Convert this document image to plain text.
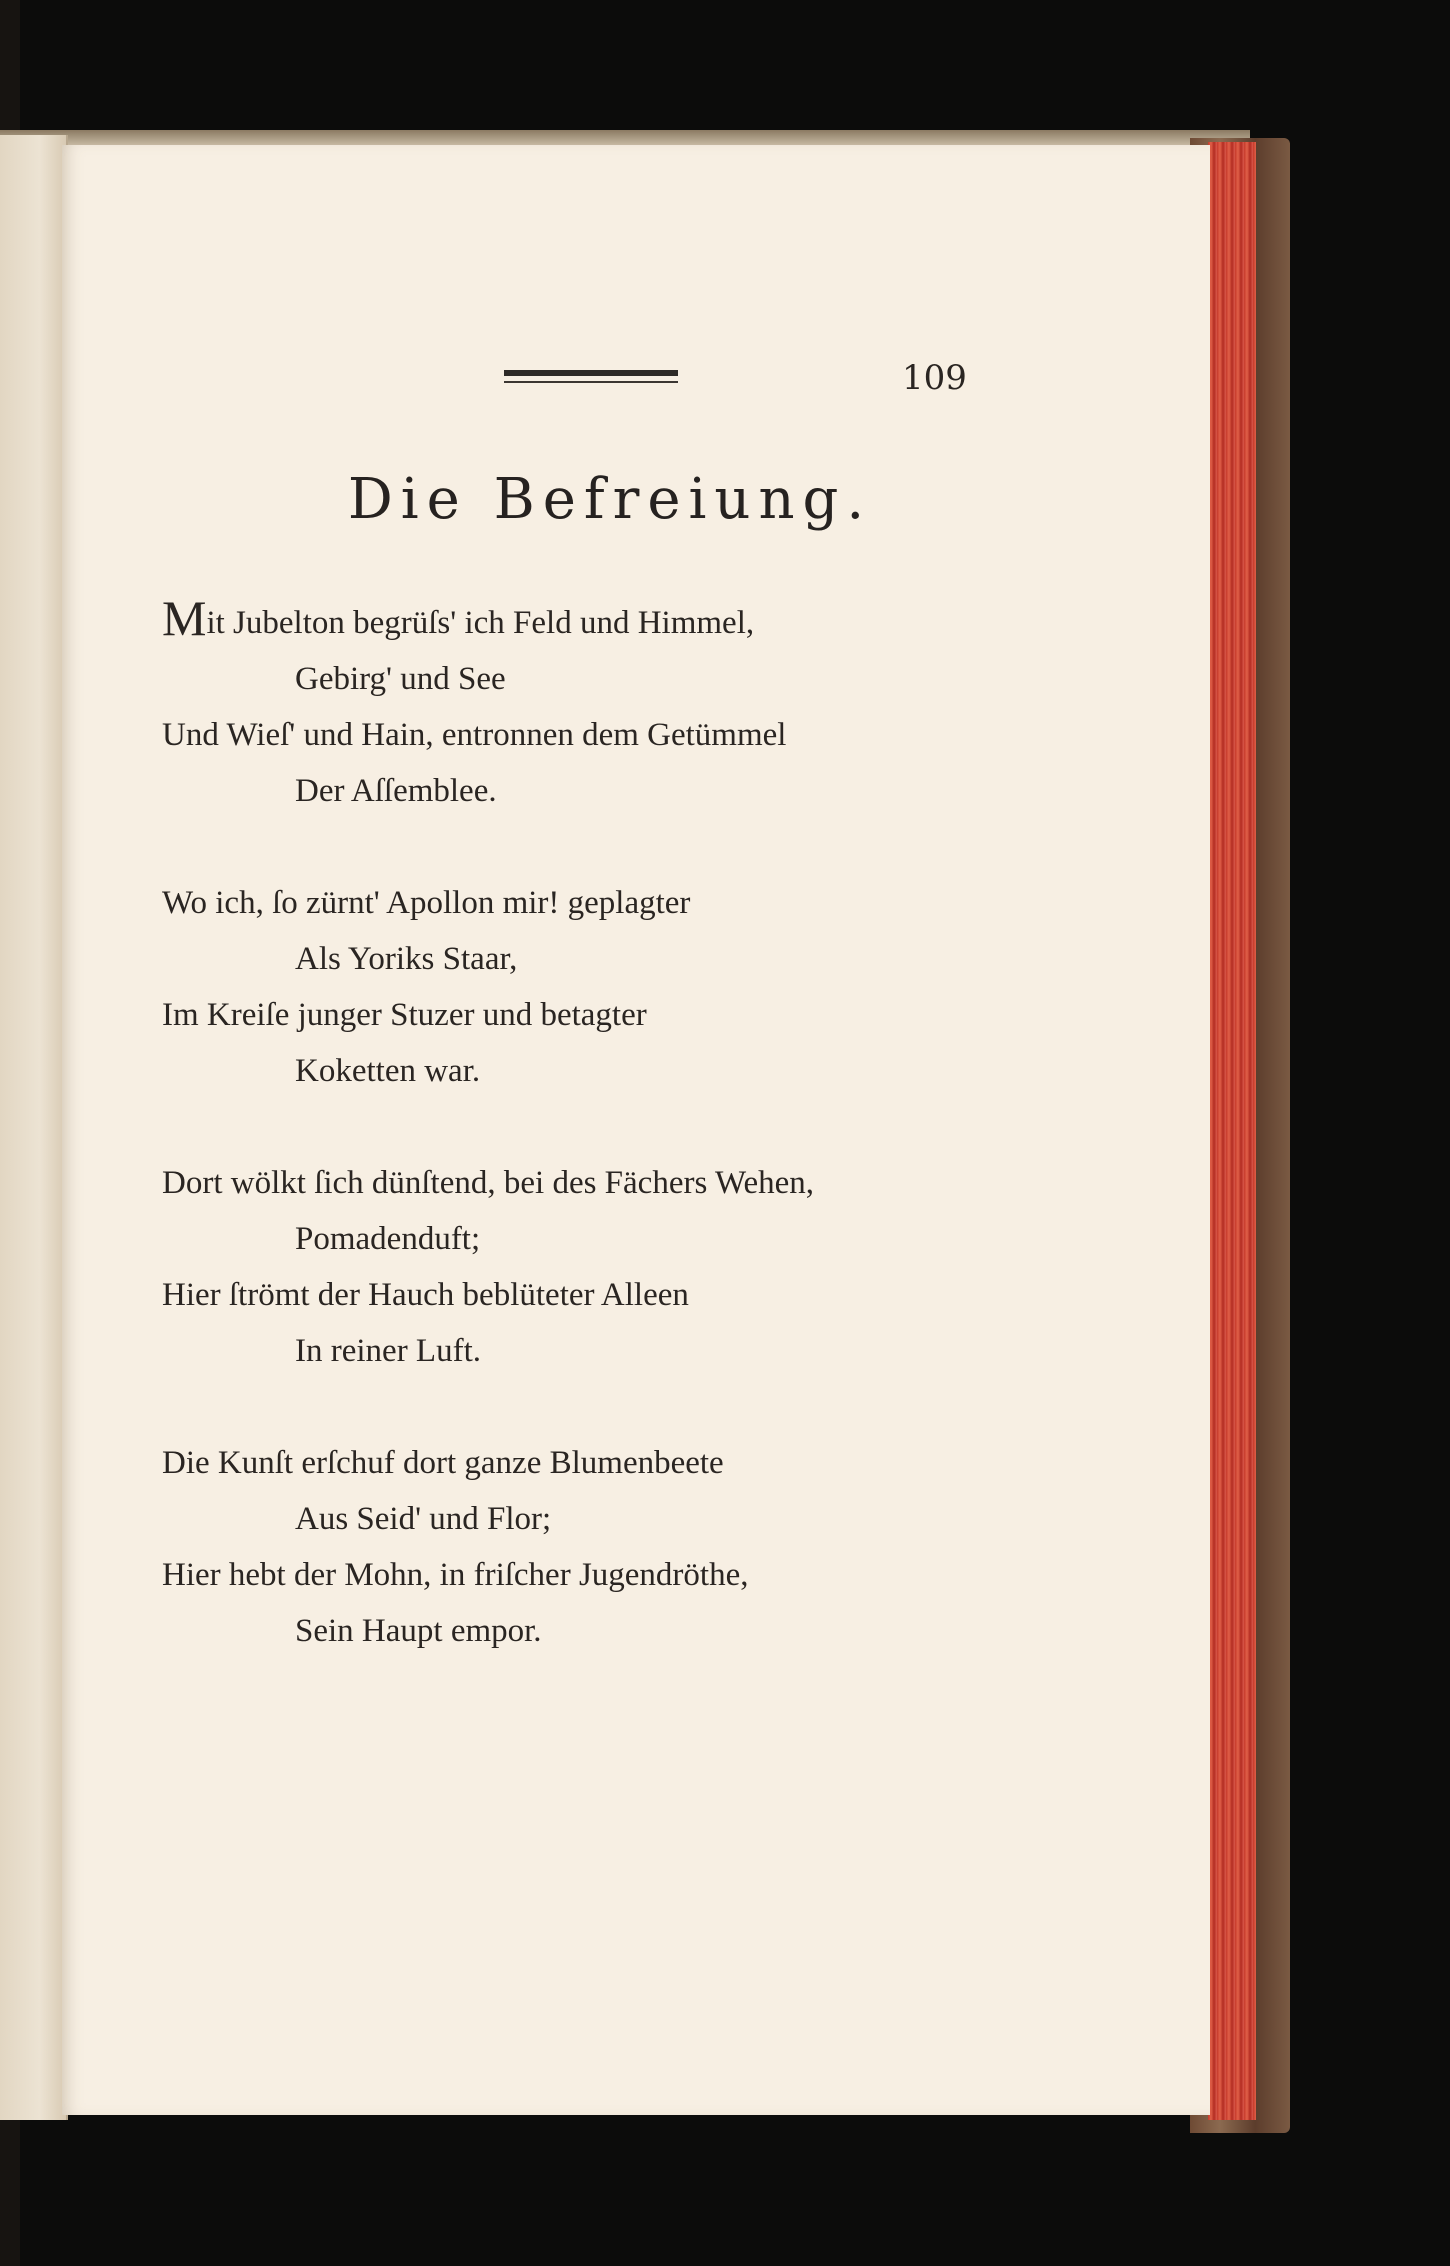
109
Die Befreiung.
Mit Jubelton begrüſs' ich Feld und Himmel,
Gebirg' und See
Und Wieſ' und Hain, entronnen dem Getümmel
Der Aſſemblee.
Wo ich, ſo zürnt' Apollon mir! geplagter
Als Yoriks Staar,
Im Kreiſe junger Stuzer und betagter
Koketten war.
Dort wölkt ſich dünſtend, bei des Fächers Wehen,
Pomadenduft;
Hier ſtrömt der Hauch beblüteter Alleen
In reiner Luft.
Die Kunſt erſchuf dort ganze Blumenbeete
Aus Seid' und Flor;
Hier hebt der Mohn, in friſcher Jugendröthe,
Sein Haupt empor.
